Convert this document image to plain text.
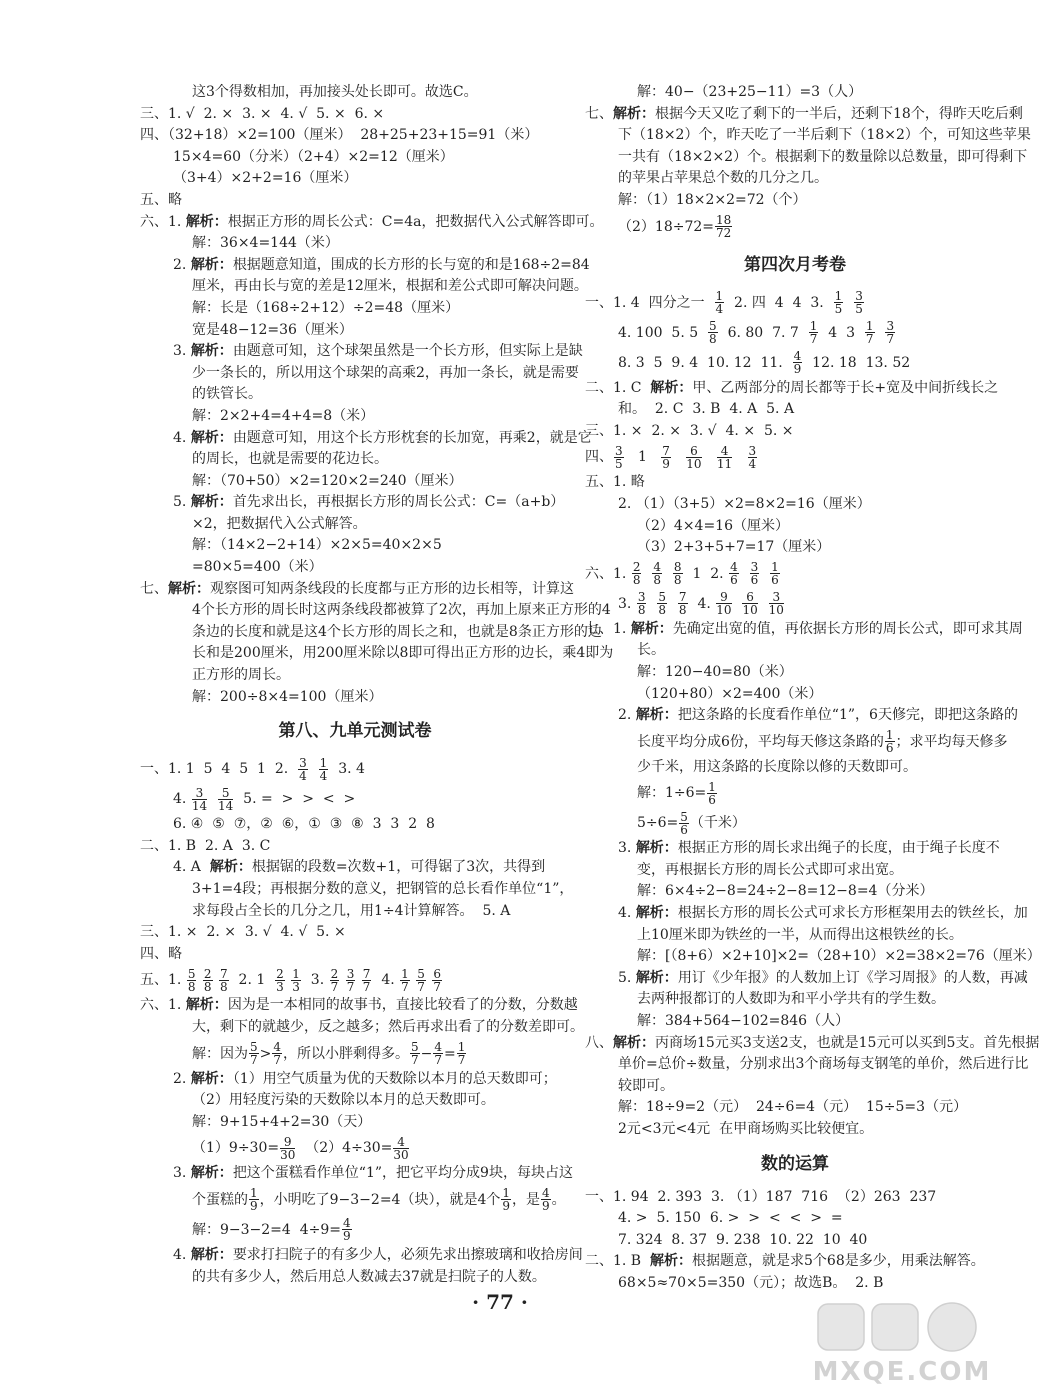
这3个得数相加，再加接头处长即可。故选C。
三、1. √  2. ×  3. ×  4. √  5. ×  6. ×
四、（32+18）×2=100（厘米）  28+25+23+15=91（米）
15×4=60（分米）（2+4）×2=12（厘米）
（3+4）×2+2=16（厘米）
五、略
六、1. 解析：根据正方形的周长公式：C=4a，把数据代入公式解答即可。
解：36×4=144（米）
2. 解析：根据题意知道，围成的长方形的长与宽的和是168÷2=84
厘米，再由长与宽的差是12厘米，根据和差公式即可解决问题。
解：长是（168÷2+12）÷2=48（厘米）
宽是48−12=36（厘米）
3. 解析：由题意可知，这个球架虽然是一个长方形，但实际上是缺
少一条长的，所以用这个球架的高乘2，再加一条长，就是需要
的铁管长。
解：2×2+4=4+4=8（米）
4. 解析：由题意可知，用这个长方形枕套的长加宽，再乘2，就是它
的周长，也就是需要的花边长。
解：（70+50）×2=120×2=240（厘米）
5. 解析：首先求出长，再根据长方形的周长公式：C=（a+b）
×2，把数据代入公式解答。
解：（14×2−2+14）×2×5=40×2×5
=80×5=400（米）
七、解析：观察图可知两条线段的长度都与正方形的边长相等，计算这
4个长方形的周长时这两条线段都被算了2次，再加上原来正方形的4
条边的长度和就是这4个长方形的周长之和，也就是8条正方形的边
长和是200厘米，用200厘米除以8即可得出正方形的边长，乘4即为
正方形的周长。
解：200÷8×4=100（厘米）
第八、九单元测试卷
一、1. 1  5  4  5  1  2. $\frac{3}{4}$
$\frac{1}{4} 3$. 4
4. $\frac{3}{14}$
$\frac{5}{14} 5$. =  >  >  <  >
6. ④  ⑤  ⑦，②  ⑥，①  ③  ⑧  3  3  2  8
二、1. B  2. A  3. C
4. A  解析：根据锯的段数=次数+1，可得锯了3次，共得到
3+1=4段；再根据分数的意义，把钢管的总长看作单位“1”，
求每段占全长的几分之几，用1÷4计算解答。  5. A
三、1. ×  2. ×  3. √  4. √  5. ×
四、略
五、1. $\frac{5}{8}$
$\frac{2}{8}$
$\frac{7}{8} 2$. $1 \frac{2}{3}$
$\frac{1}{3} 3$. $\frac{2}{7}$
$\frac{3}{7}$
$\frac{7}{7} 4$. $\frac{1}{7}$
$\frac{5}{7}$
$\frac{6}{7}$
六、1. 解析：因为是一本相同的故事书，直接比较看了的分数，分数越
大，剩下的就越少，反之越多；然后再求出看了的分数差即可。
解：因为 $\frac{5}{7} > \frac{4}{7}$ ，所以小胖剩得多。 $\frac{5}{7} - \frac{4}{7} = \frac{1}{7}$
2. 解析：（1）用空气质量为优的天数除以本月的总天数即可；
（2）用轻度污染的天数除以本月的总天数即可。
解：9+15+4+2=30（天）
$(1)9\div 30= \frac{9}{30} (2)4\div 30= \frac{4}{30}$
3. 解析：把这个蛋糕看作单位“1”，把它平均分成9块，每块占这
个蛋糕的 $\frac{1}{9}$ ，小明吃了9−3−2=4（块），就是4个 $\frac{1}{9}$ ，是 $\frac{4}{9}$ 。
解：9−3−2=4  $4\div 9= \frac{4}{9}$
4. 解析：要求打扫院子的有多少人，必须先求出擦玻璃和收拾房间
的共有多少人，然后用总人数减去37就是扫院子的人数。
解：40−（23+25−11）=3（人）
七、解析：根据今天又吃了剩下的一半后，还剩下18个，得昨天吃后剩
下（18×2）个，昨天吃了一半后剩下（18×2）个，可知这些苹果
一共有（18×2×2）个。根据剩下的数量除以总数量，即可得剩下
的苹果占苹果总个数的几分之几。
解：（1）18×2×2=72（个）
$(2)18\div 72= \frac{18}{72}$
第四次月考卷
一、1. 4  四分之一 $\frac{1}{4} 2$. 四  4  4  3. $\frac{1}{5}$
$\frac{3}{5}$
4. 100  5. $5 \frac{5}{8} 6$. 80  7. $7 \frac{1}{7} 4$  $3 \frac{1}{7}$
$\frac{3}{7}$
8. 3  5  9. 4  10. 12  11. $\frac{4}{9} 12$. 18  13. 52
二、1. C  解析：甲、乙两部分的周长都等于长+宽及中间折线长之
和。  2. C  3. B  4. A  5. A
三、1. ×  2. ×  3. √  4. ×  5. ×
四、 $\frac{3}{5} 1 \frac{7}{9}$
$\frac{6}{10}$
$\frac{4}{11}$
$\frac{3}{4}$
五、1. 略
2. （1）（3+5）×2=8×2=16（厘米）
（2）4×4=16（厘米）
（3）2+3+5+7=17（厘米）
六、1. $\frac{2}{8}$
$\frac{4}{8}$
$\frac{8}{8} 1$  2. $\frac{4}{6}$
$\frac{3}{6}$
$\frac{1}{6}$
3. $\frac{3}{8}$
$\frac{5}{8}$
$\frac{7}{8} 4$. $\frac{9}{10}$
$\frac{6}{10}$
$\frac{3}{10}$
七、1. 解析：先确定出宽的值，再依据长方形的周长公式，即可求其周
长。
解：120−40=80（米）
（120+80）×2=400（米）
2. 解析：把这条路的长度看作单位“1”，6天修完，即把这条路的
长度平均分成6份，平均每天修这条路的 $\frac{1}{6}$ ；求平均每天修多
少千米，用这条路的长度除以修的天数即可。
解：$1\div 6= \frac{1}{6}$
$5\div 6= \frac{5}{6}$ （千米）
3. 解析：根据正方形的周长求出绳子的长度，由于绳子长度不
变，再根据长方形的周长公式即可求出宽。
解：6×4÷2−8=24÷2−8=12−8=4（分米）
4. 解析：根据长方形的周长公式可求长方形框架用去的铁丝长，加
上10厘米即为铁丝的一半，从而得出这根铁丝的长。
解：[（8+6）×2+10]×2=（28+10）×2=38×2=76（厘米）
5. 解析：用订《少年报》的人数加上订《学习周报》的人数，再减
去两种报都订的人数即为和平小学共有的学生数。
解：384+564−102=846（人）
八、解析：丙商场15元买3支送2支，也就是15元可以买到5支。首先根据
单价=总价÷数量，分别求出3个商场每支钢笔的单价，然后进行比
较即可。
解：18÷9=2（元）  24÷6=4（元）  15÷5=3（元）
2元<3元<4元  在甲商场购买比较便宜。
数的运算
一、1. 94  2. 393  3. （1）187  716  （2）263  237
4. >  5. 150  6. >  >  <  <  >  =
7. 324  8. 37  9. 238  10. 22  10  40
二、1. B  解析：根据题意，就是求5个68是多少，用乘法解答。
68×5≈70×5=350（元）；故选B。  2. B
· 77 ·
MXQE.COM
